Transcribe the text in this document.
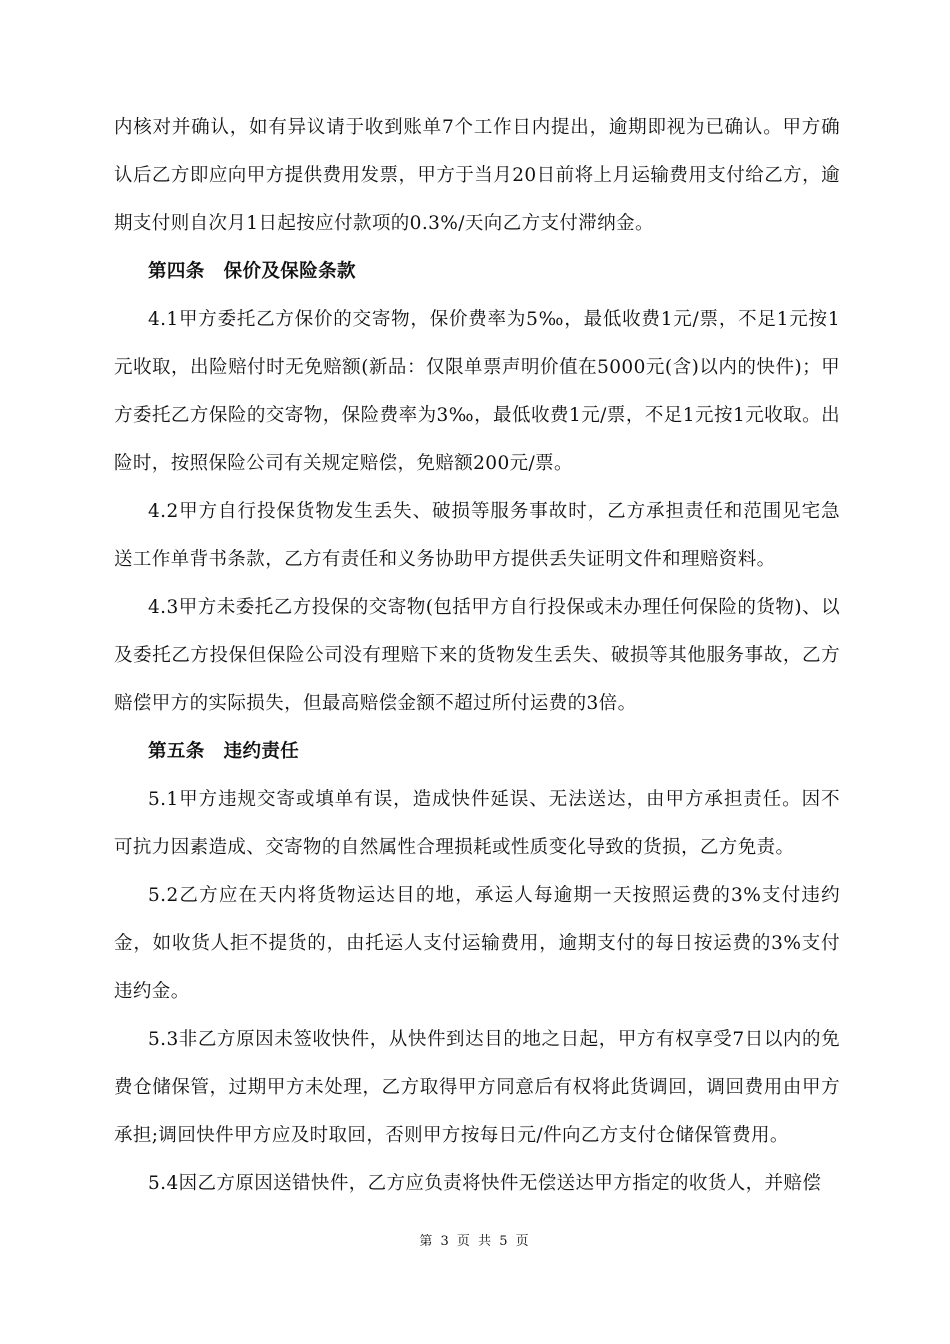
内核对并确认，如有异议请于收到账单7个工作日内提出，逾期即视为已确认。甲方确认后乙方即应向甲方提供费用发票，甲方于当月20日前将上月运输费用支付给乙方，逾期支付则自次月1日起按应付款项的0.3%/天向乙方支付滞纳金。

第四条　保价及保险条款

4.1甲方委托乙方保价的交寄物，保价费率为5‰，最低收费1元/票，不足1元按1元收取，出险赔付时无免赔额(新品：仅限单票声明价值在5000元(含)以内的快件)；甲方委托乙方保险的交寄物，保险费率为3‰，最低收费1元/票，不足1元按1元收取。出险时，按照保险公司有关规定赔偿，免赔额200元/票。

4.2甲方自行投保货物发生丢失、破损等服务事故时，乙方承担责任和范围见宅急送工作单背书条款，乙方有责任和义务协助甲方提供丢失证明文件和理赔资料。

4.3甲方未委托乙方投保的交寄物(包括甲方自行投保或未办理任何保险的货物)、以及委托乙方投保但保险公司没有理赔下来的货物发生丢失、破损等其他服务事故，乙方赔偿甲方的实际损失，但最高赔偿金额不超过所付运费的3倍。

第五条　违约责任

5.1甲方违规交寄或填单有误，造成快件延误、无法送达，由甲方承担责任。因不可抗力因素造成、交寄物的自然属性合理损耗或性质变化导致的货损，乙方免责。

5.2乙方应在天内将货物运达目的地，承运人每逾期一天按照运费的3%支付违约金，如收货人拒不提货的，由托运人支付运输费用，逾期支付的每日按运费的3%支付违约金。

5.3非乙方原因未签收快件，从快件到达目的地之日起，甲方有权享受7日以内的免费仓储保管，过期甲方未处理，乙方取得甲方同意后有权将此货调回，调回费用由甲方承担;调回快件甲方应及时取回，否则甲方按每日元/件向乙方支付仓储保管费用。

5.4因乙方原因送错快件，乙方应负责将快件无偿送达甲方指定的收货人，并赔偿

第 3 页 共 5 页
